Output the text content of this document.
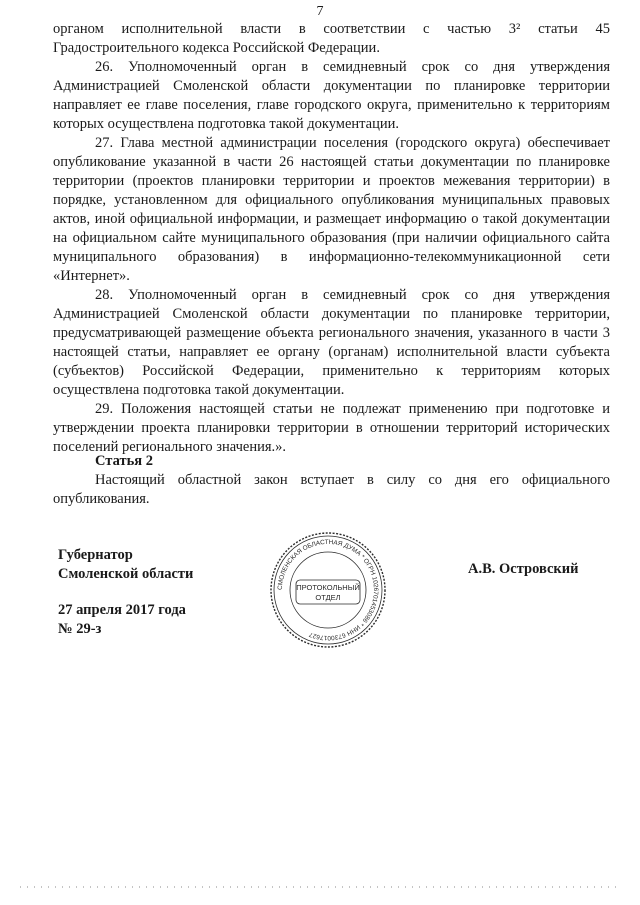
7

органом исполнительной власти в соответствии с частью 3² статьи 45 Градостроительного кодекса Российской Федерации.

26. Уполномоченный орган в семидневный срок со дня утверждения Администрацией Смоленской области документации по планировке территории направляет ее главе поселения, главе городского округа, применительно к территориям которых осуществлена подготовка такой документации.

27. Глава местной администрации поселения (городского округа) обеспечивает опубликование указанной в части 26 настоящей статьи документации по планировке территории (проектов планировки территории и проектов межевания территории) в порядке, установленном для официального опубликования муниципальных правовых актов, иной официальной информации, и размещает информацию о такой документации на официальном сайте муниципального образования (при наличии официального сайта муниципального образования) в информационно-телекоммуникационной сети «Интернет».

28. Уполномоченный орган в семидневный срок со дня утверждения Администрацией Смоленской области документации по планировке территории, предусматривающей размещение объекта регионального значения, указанного в части 3 настоящей статьи, направляет ее органу (органам) исполнительной власти субъекта (субъектов) Российской Федерации, применительно к территориям которых осуществлена подготовка такой документации.

29. Положения настоящей статьи не подлежат применению при подготовке и утверждении проекта планировки территории в отношении территорий исторических поселений регионального значения.».

Статья 2

Настоящий областной закон вступает в силу со дня его официального опубликования.

Губернатор

Смоленской области

27 апреля 2017 года

№ 29-з

А.В. Островский
СМОЛЕНСКАЯ ОБЛАСТНАЯ ДУМА * ОГРН 1026701453086 * ИНН 6730017627
ПРОТОКОЛЬНЫЙ
ОТДЕЛ
